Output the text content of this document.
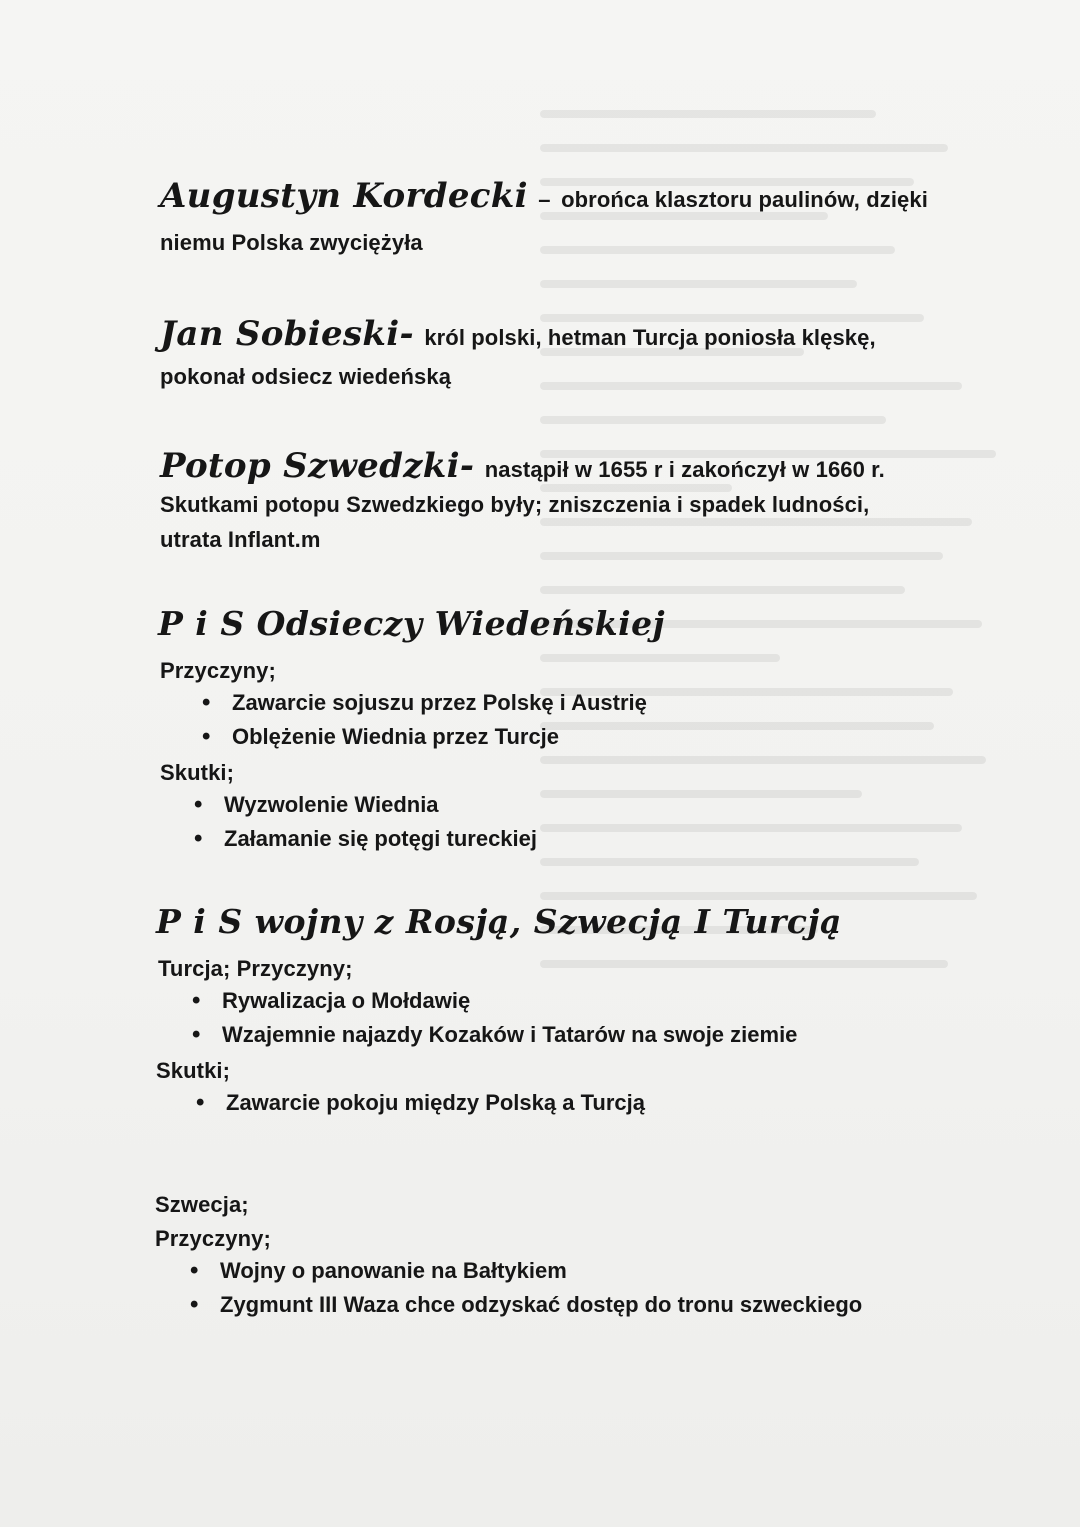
Augustyn Kordecki – obrońca klasztoru paulinów, dzięki
niemu Polska zwyciężyła
Jan Sobieski- król polski, hetman Turcja poniosła klęskę,
pokonał odsiecz wiedeńską
Potop Szwedzki- nastąpił w 1655 r i zakończył w 1660 r.
Skutkami potopu Szwedzkiego były; zniszczenia i spadek ludności,
utrata Inflant.m
P i S Odsieczy Wiedeńskiej
Przyczyny;
• Zawarcie sojuszu przez Polskę i Austrię
• Oblężenie Wiednia przez Turcje
Skutki;
• Wyzwolenie Wiednia
• Załamanie się potęgi tureckiej
P i S wojny z Rosją, Szwecją I Turcją
Turcja; Przyczyny;
• Rywalizacja o Mołdawię
• Wzajemnie najazdy Kozaków i Tatarów na swoje ziemie
Skutki;
• Zawarcie pokoju między Polską a Turcją
Szwecja;
Przyczyny;
• Wojny o panowanie na Bałtykiem
• Zygmunt III Waza chce odzyskać dostęp do tronu szweckiego
